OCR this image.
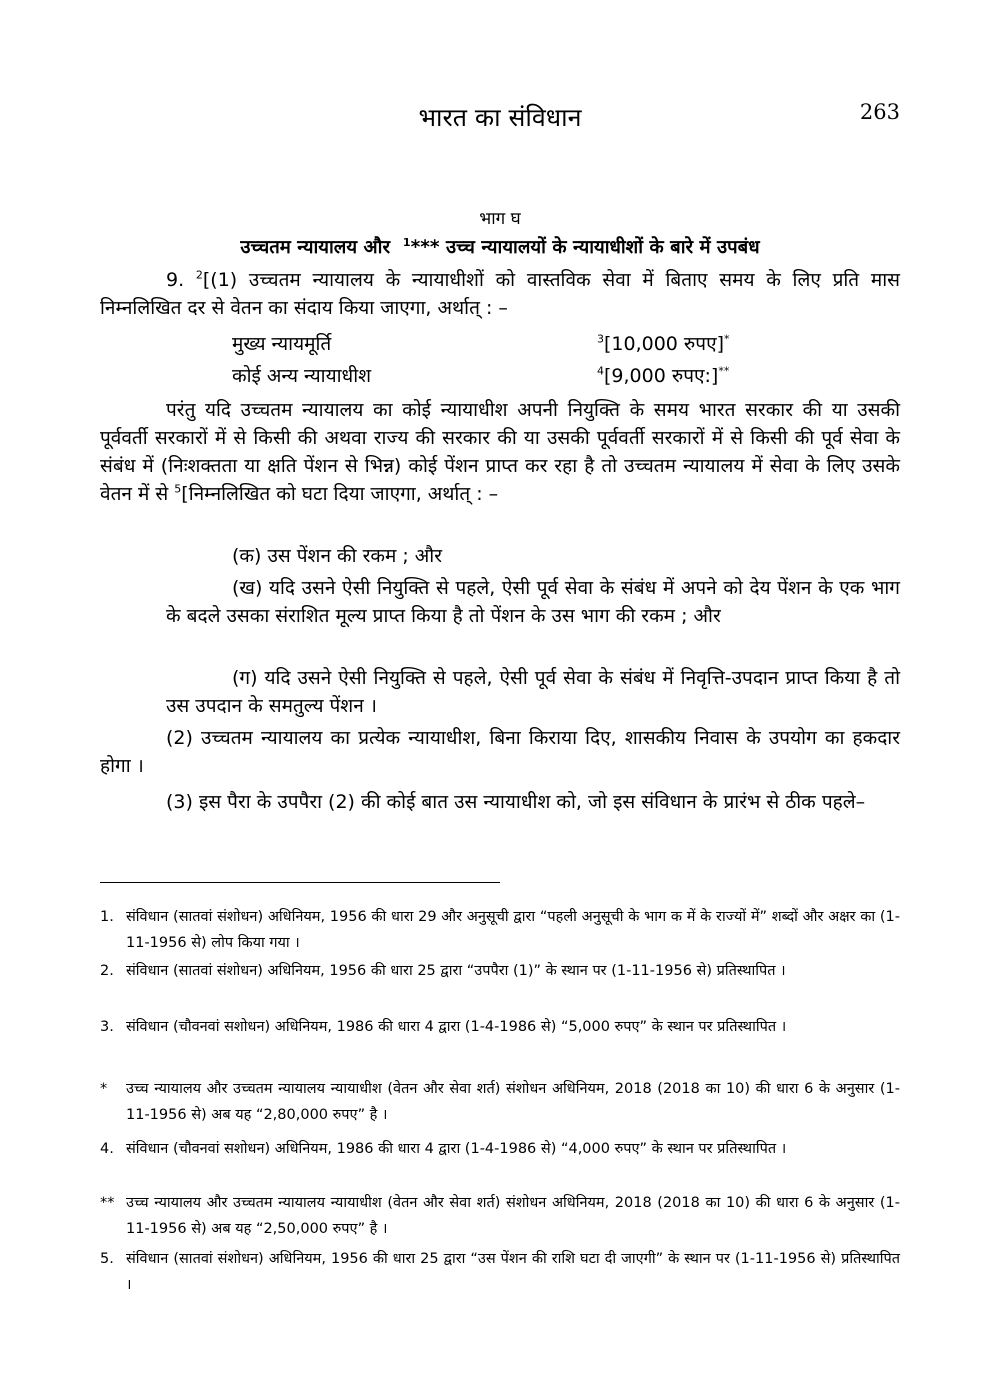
भारत का संविधान	263
भाग घ
उच्चतम न्यायालय और $^1$*** उच्च न्यायालयों के न्यायाधीशों के बारे में उपबंध
9. $^2$[(1) उच्चतम न्यायालय के न्यायाधीशों को वास्तविक सेवा में बिताए समय के लिए प्रति मास निम्नलिखित दर से वेतन का संदाय किया जाएगा, अर्थात् : –
मुख्य न्यायमूर्ति	$^3$[10,000 रुपए]*
कोई अन्य न्यायाधीश	$^4$[9,000 रुपए:]**
परंतु यदि उच्चतम न्यायालय का कोई न्यायाधीश अपनी नियुक्ति के समय भारत सरकार की या उसकी पूर्ववर्ती सरकारों में से किसी की अथवा राज्य की सरकार की या उसकी पूर्ववर्ती सरकारों में से किसी की पूर्व सेवा के संबंध में (निःशक्तता या क्षति पेंशन से भिन्न) कोई पेंशन प्राप्त कर रहा है तो उच्चतम न्यायालय में सेवा के लिए उसके वेतन में से $^5$[निम्नलिखित को घटा दिया जाएगा, अर्थात् : –
(क) उस पेंशन की रकम ; और
(ख) यदि उसने ऐसी नियुक्ति से पहले, ऐसी पूर्व सेवा के संबंध में अपने को देय पेंशन के एक भाग के बदले उसका संराशित मूल्य प्राप्त किया है तो पेंशन के उस भाग की रकम ; और
(ग) यदि उसने ऐसी नियुक्ति से पहले, ऐसी पूर्व सेवा के संबंध में निवृत्ति-उपदान प्राप्त किया है तो उस उपदान के समतुल्य पेंशन ।
(2) उच्चतम न्यायालय का प्रत्येक न्यायाधीश, बिना किराया दिए, शासकीय निवास के उपयोग का हकदार होगा ।
(3) इस पैरा के उपपैरा (2) की कोई बात उस न्यायाधीश को, जो इस संविधान के प्रारंभ से ठीक पहले–
1. संविधान (सातवां संशोधन) अधिनियम, 1956 की धारा 29 और अनुसूची द्वारा “पहली अनुसूची के भाग क में के राज्यों में” शब्दों और अक्षर का (1-11-1956 से) लोप किया गया ।
2. संविधान (सातवां संशोधन) अधिनियम, 1956 की धारा 25 द्वारा “उपपैरा (1)” के स्थान पर (1-11-1956 से) प्रतिस्थापित ।
3. संविधान (चौवनवां सशोधन) अधिनियम, 1986 की धारा 4 द्वारा (1-4-1986 से) “5,000 रुपए” के स्थान पर प्रतिस्थापित ।
*	उच्च न्यायालय और उच्चतम न्यायालय न्यायाधीश (वेतन और सेवा शर्त) संशोधन अधिनियम, 2018 (2018 का 10) की धारा 6 के अनुसार (1-11-1956 से) अब यह “2,80,000 रुपए” है ।
4. संविधान (चौवनवां सशोधन) अधिनियम, 1986 की धारा 4 द्वारा (1-4-1986 से) “4,000 रुपए” के स्थान पर प्रतिस्थापित ।
** उच्च न्यायालय और उच्चतम न्यायालय न्यायाधीश (वेतन और सेवा शर्त) संशोधन अधिनियम, 2018 (2018 का 10) की धारा 6 के अनुसार (1-11-1956 से) अब यह “2,50,000 रुपए” है ।
5. संविधान (सातवां संशोधन) अधिनियम, 1956 की धारा 25 द्वारा “उस पेंशन की राशि घटा दी जाएगी” के स्थान पर (1-11-1956 से) प्रतिस्थापित ।
